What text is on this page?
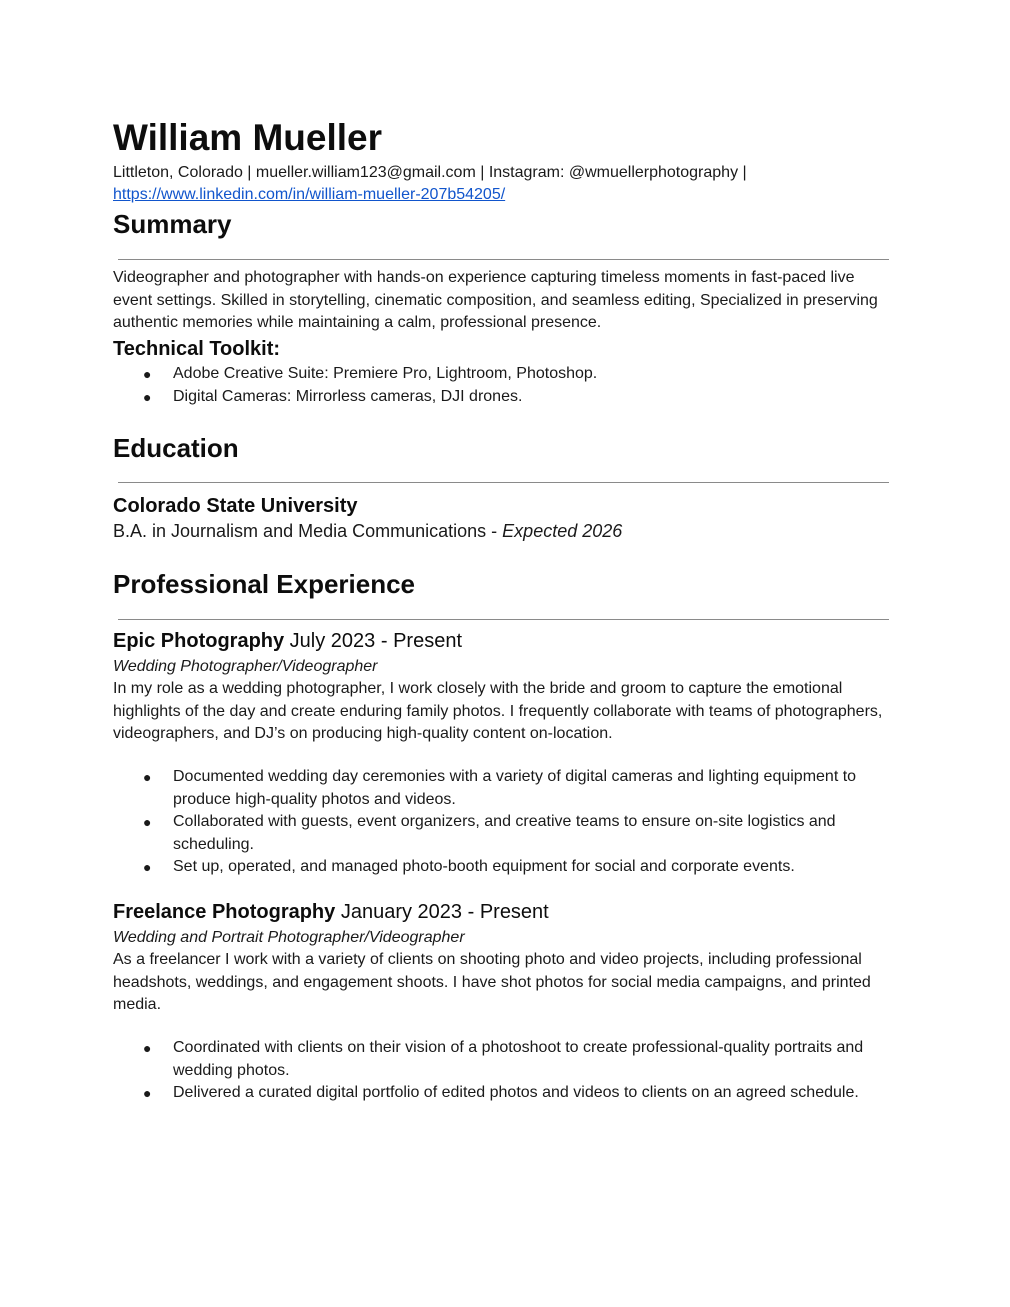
William Mueller
Littleton, Colorado | mueller.william123@gmail.com | Instagram: @wmuellerphotography |
https://www.linkedin.com/in/william-mueller-207b54205/
Summary
Videographer and photographer with hands-on experience capturing timeless moments in fast-paced live event settings. Skilled in storytelling, cinematic composition, and seamless editing, Specialized in preserving authentic memories while maintaining a calm, professional presence.
Technical Toolkit:
● Adobe Creative Suite: Premiere Pro, Lightroom, Photoshop.
● Digital Cameras: Mirrorless cameras, DJI drones.
Education
Colorado State University
B.A. in Journalism and Media Communications - Expected 2026
Professional Experience
Epic Photography July 2023 - Present
Wedding Photographer/Videographer
In my role as a wedding photographer, I work closely with the bride and groom to capture the emotional highlights of the day and create enduring family photos. I frequently collaborate with teams of photographers, videographers, and DJ’s on producing high-quality content on-location.
● Documented wedding day ceremonies with a variety of digital cameras and lighting equipment to produce high-quality photos and videos.
● Collaborated with guests, event organizers, and creative teams to ensure on-site logistics and scheduling.
● Set up, operated, and managed photo-booth equipment for social and corporate events.
Freelance Photography January 2023 - Present
Wedding and Portrait Photographer/Videographer
As a freelancer I work with a variety of clients on shooting photo and video projects, including professional headshots, weddings, and engagement shoots. I have shot photos for social media campaigns, and printed media.
● Coordinated with clients on their vision of a photoshoot to create professional-quality portraits and wedding photos.
● Delivered a curated digital portfolio of edited photos and videos to clients on an agreed schedule.
